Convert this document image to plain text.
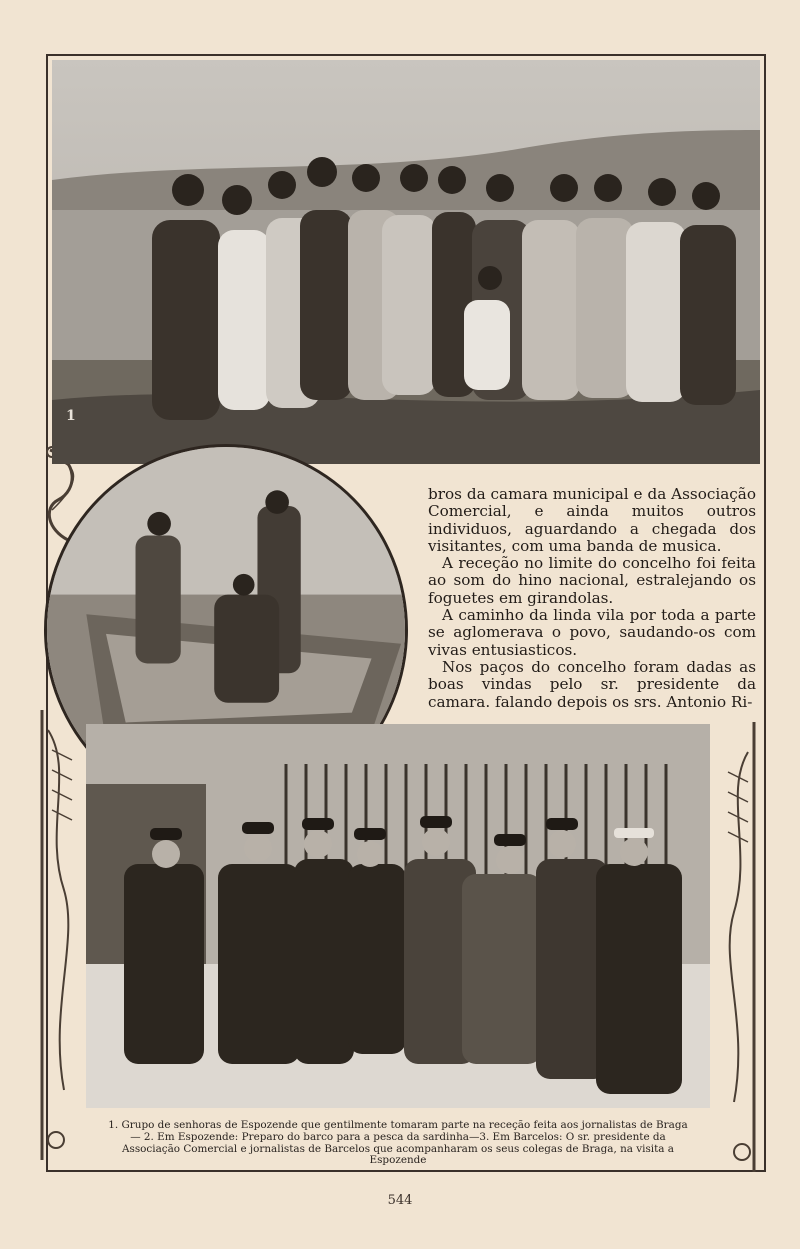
1

bros da camara municipal e da Associação Comercial, e ainda muitos outros individuos, aguardando a chegada dos visitantes, com uma banda de musica.

A receção no limite do concelho foi feita ao som do hino nacional, estralejando os foguetes em girandolas.

A caminho da linda vila por toda a parte se aglomerava o povo, saudando-os com vivas entusiasticos.

Nos paços do concelho foram dadas as boas vindas pelo sr. presidente da camara. falando depois os srs. Antonio Ri-

1. Grupo de senhoras de Espozende que gentilmente tomaram parte na receção feita aos jornalistas de Braga — 2. Em Espozende: Preparo do barco para a pesca da sardinha—3. Em Barcelos: O sr. presidente da Associação Comercial e jornalistas de Barcelos que acompanharam os seus colegas de Braga, na visita a Espozende
544
